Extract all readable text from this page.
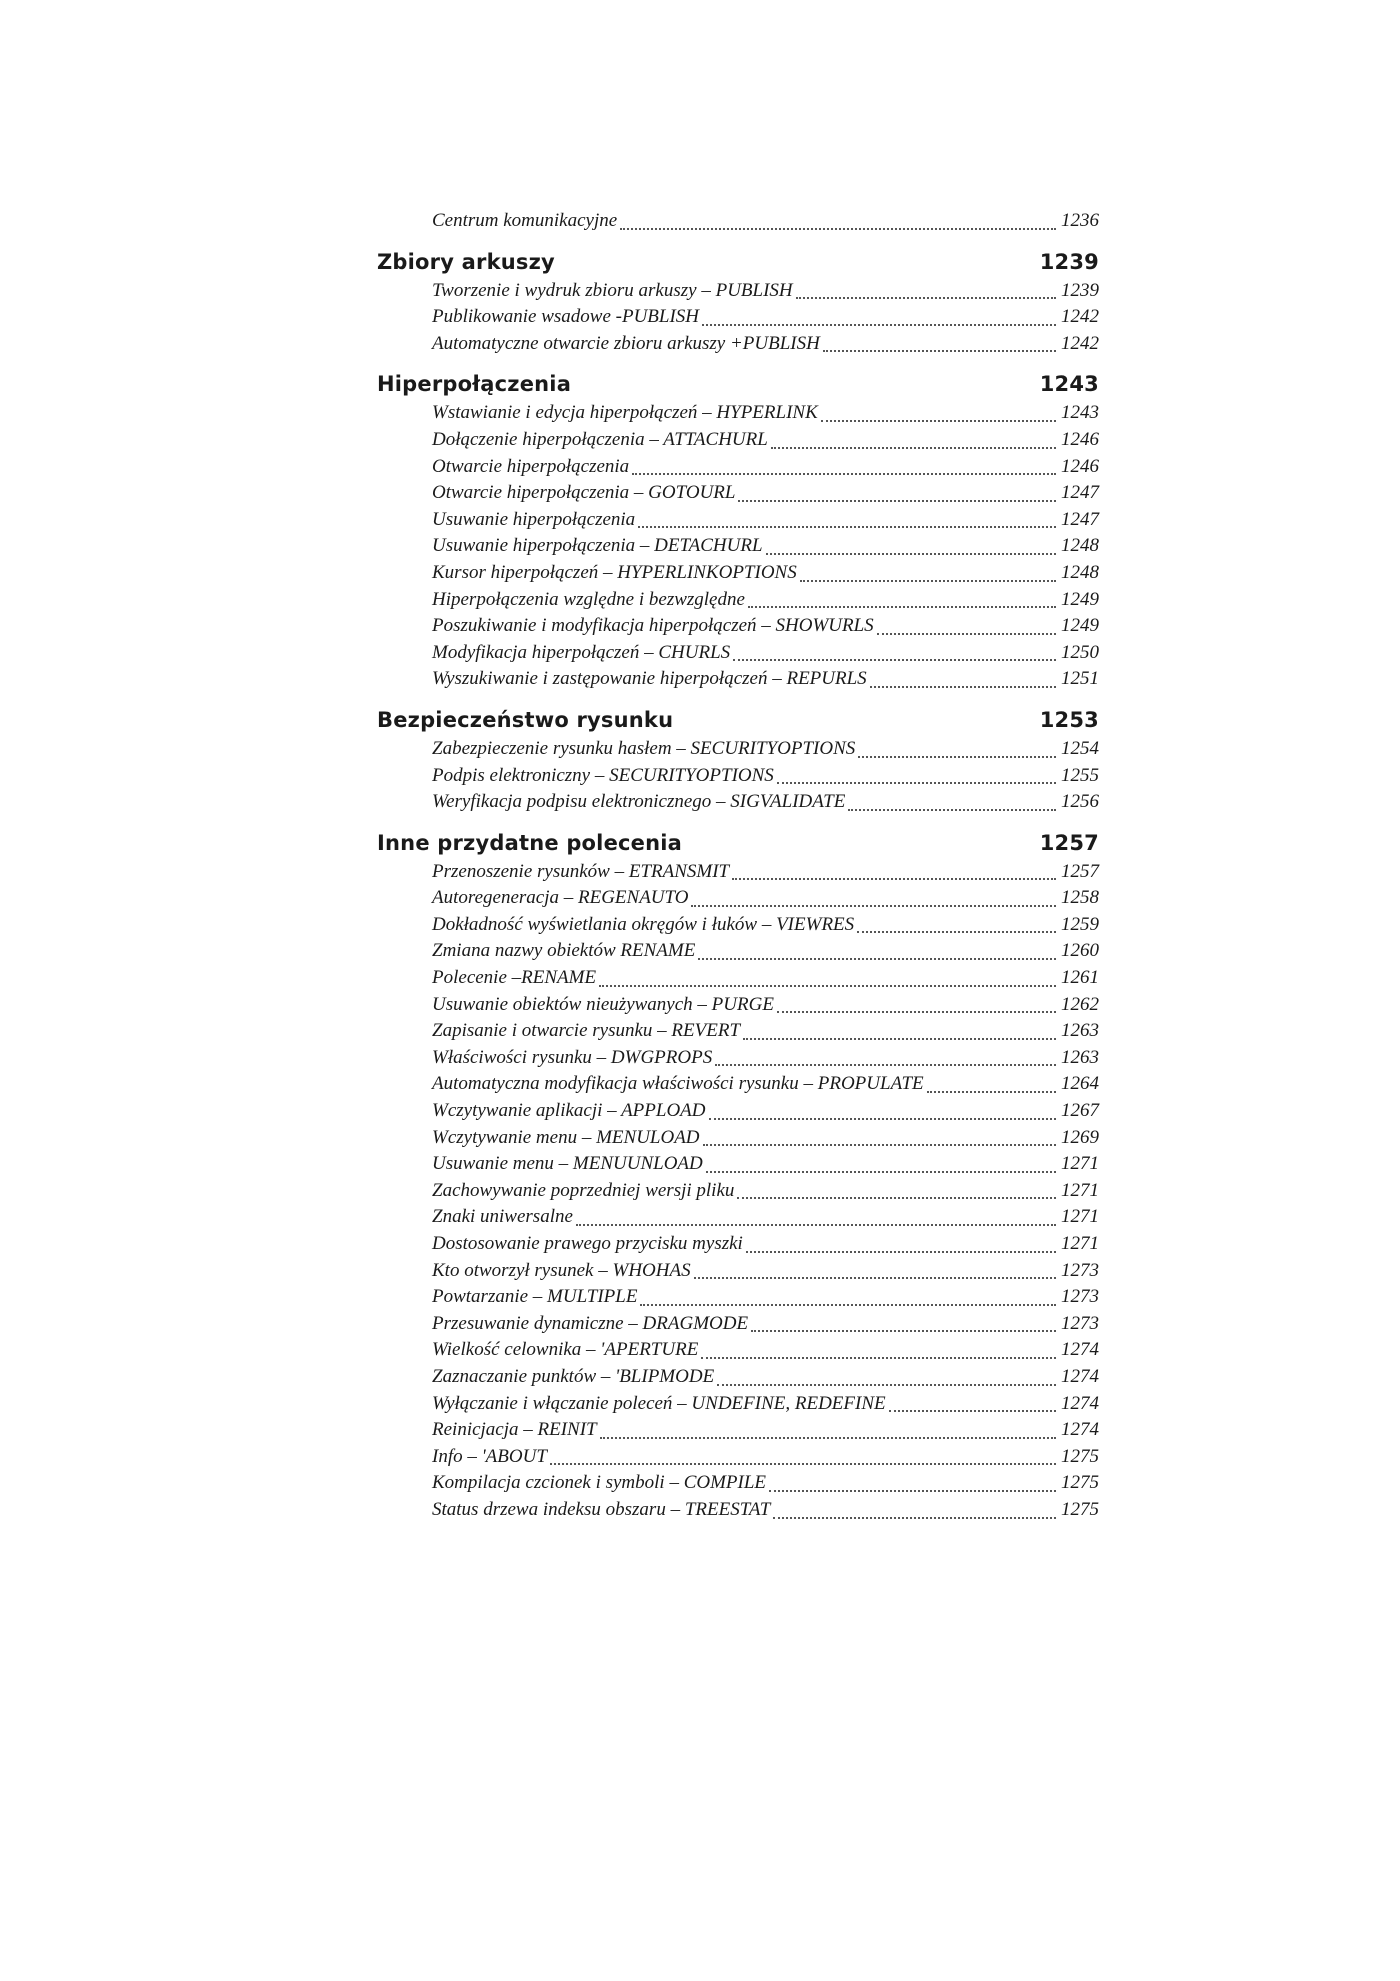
Centrum komunikacyjne	1236
Zbiory arkuszy	1239
Tworzenie i wydruk zbioru arkuszy – PUBLISH	1239
Publikowanie wsadowe -PUBLISH	1242
Automatyczne otwarcie zbioru arkuszy +PUBLISH	1242
Hiperpołączenia	1243
Wstawianie i edycja hiperpołączeń – HYPERLINK	1243
Dołączenie hiperpołączenia – ATTACHURL	1246
Otwarcie hiperpołączenia	1246
Otwarcie hiperpołączenia – GOTOURL	1247
Usuwanie hiperpołączenia	1247
Usuwanie hiperpołączenia – DETACHURL	1248
Kursor hiperpołączeń – HYPERLINKOPTIONS	1248
Hiperpołączenia względne i bezwzględne	1249
Poszukiwanie i modyfikacja hiperpołączeń – SHOWURLS	1249
Modyfikacja hiperpołączeń – CHURLS	1250
Wyszukiwanie i zastępowanie hiperpołączeń – REPURLS	1251
Bezpieczeństwo rysunku	1253
Zabezpieczenie rysunku hasłem – SECURITYOPTIONS	1254
Podpis elektroniczny – SECURITYOPTIONS	1255
Weryfikacja podpisu elektronicznego – SIGVALIDATE	1256
Inne przydatne polecenia	1257
Przenoszenie rysunków – ETRANSMIT	1257
Autoregeneracja – REGENAUTO	1258
Dokładność wyświetlania okręgów i łuków – VIEWRES	1259
Zmiana nazwy obiektów RENAME	1260
Polecenie –RENAME	1261
Usuwanie obiektów nieużywanych – PURGE	1262
Zapisanie i otwarcie rysunku – REVERT	1263
Właściwości rysunku – DWGPROPS	1263
Automatyczna modyfikacja właściwości rysunku – PROPULATE	1264
Wczytywanie aplikacji – APPLOAD	1267
Wczytywanie menu – MENULOAD	1269
Usuwanie menu – MENUUNLOAD	1271
Zachowywanie poprzedniej wersji pliku	1271
Znaki uniwersalne	1271
Dostosowanie prawego przycisku myszki	1271
Kto otworzył rysunek – WHOHAS	1273
Powtarzanie – MULTIPLE	1273
Przesuwanie dynamiczne – DRAGMODE	1273
Wielkość celownika – 'APERTURE	1274
Zaznaczanie punktów – 'BLIPMODE	1274
Wyłączanie i włączanie poleceń – UNDEFINE, REDEFINE	1274
Reinicjacja – REINIT	1274
Info – 'ABOUT	1275
Kompilacja czcionek i symboli – COMPILE	1275
Status drzewa indeksu obszaru – TREESTAT	1275
